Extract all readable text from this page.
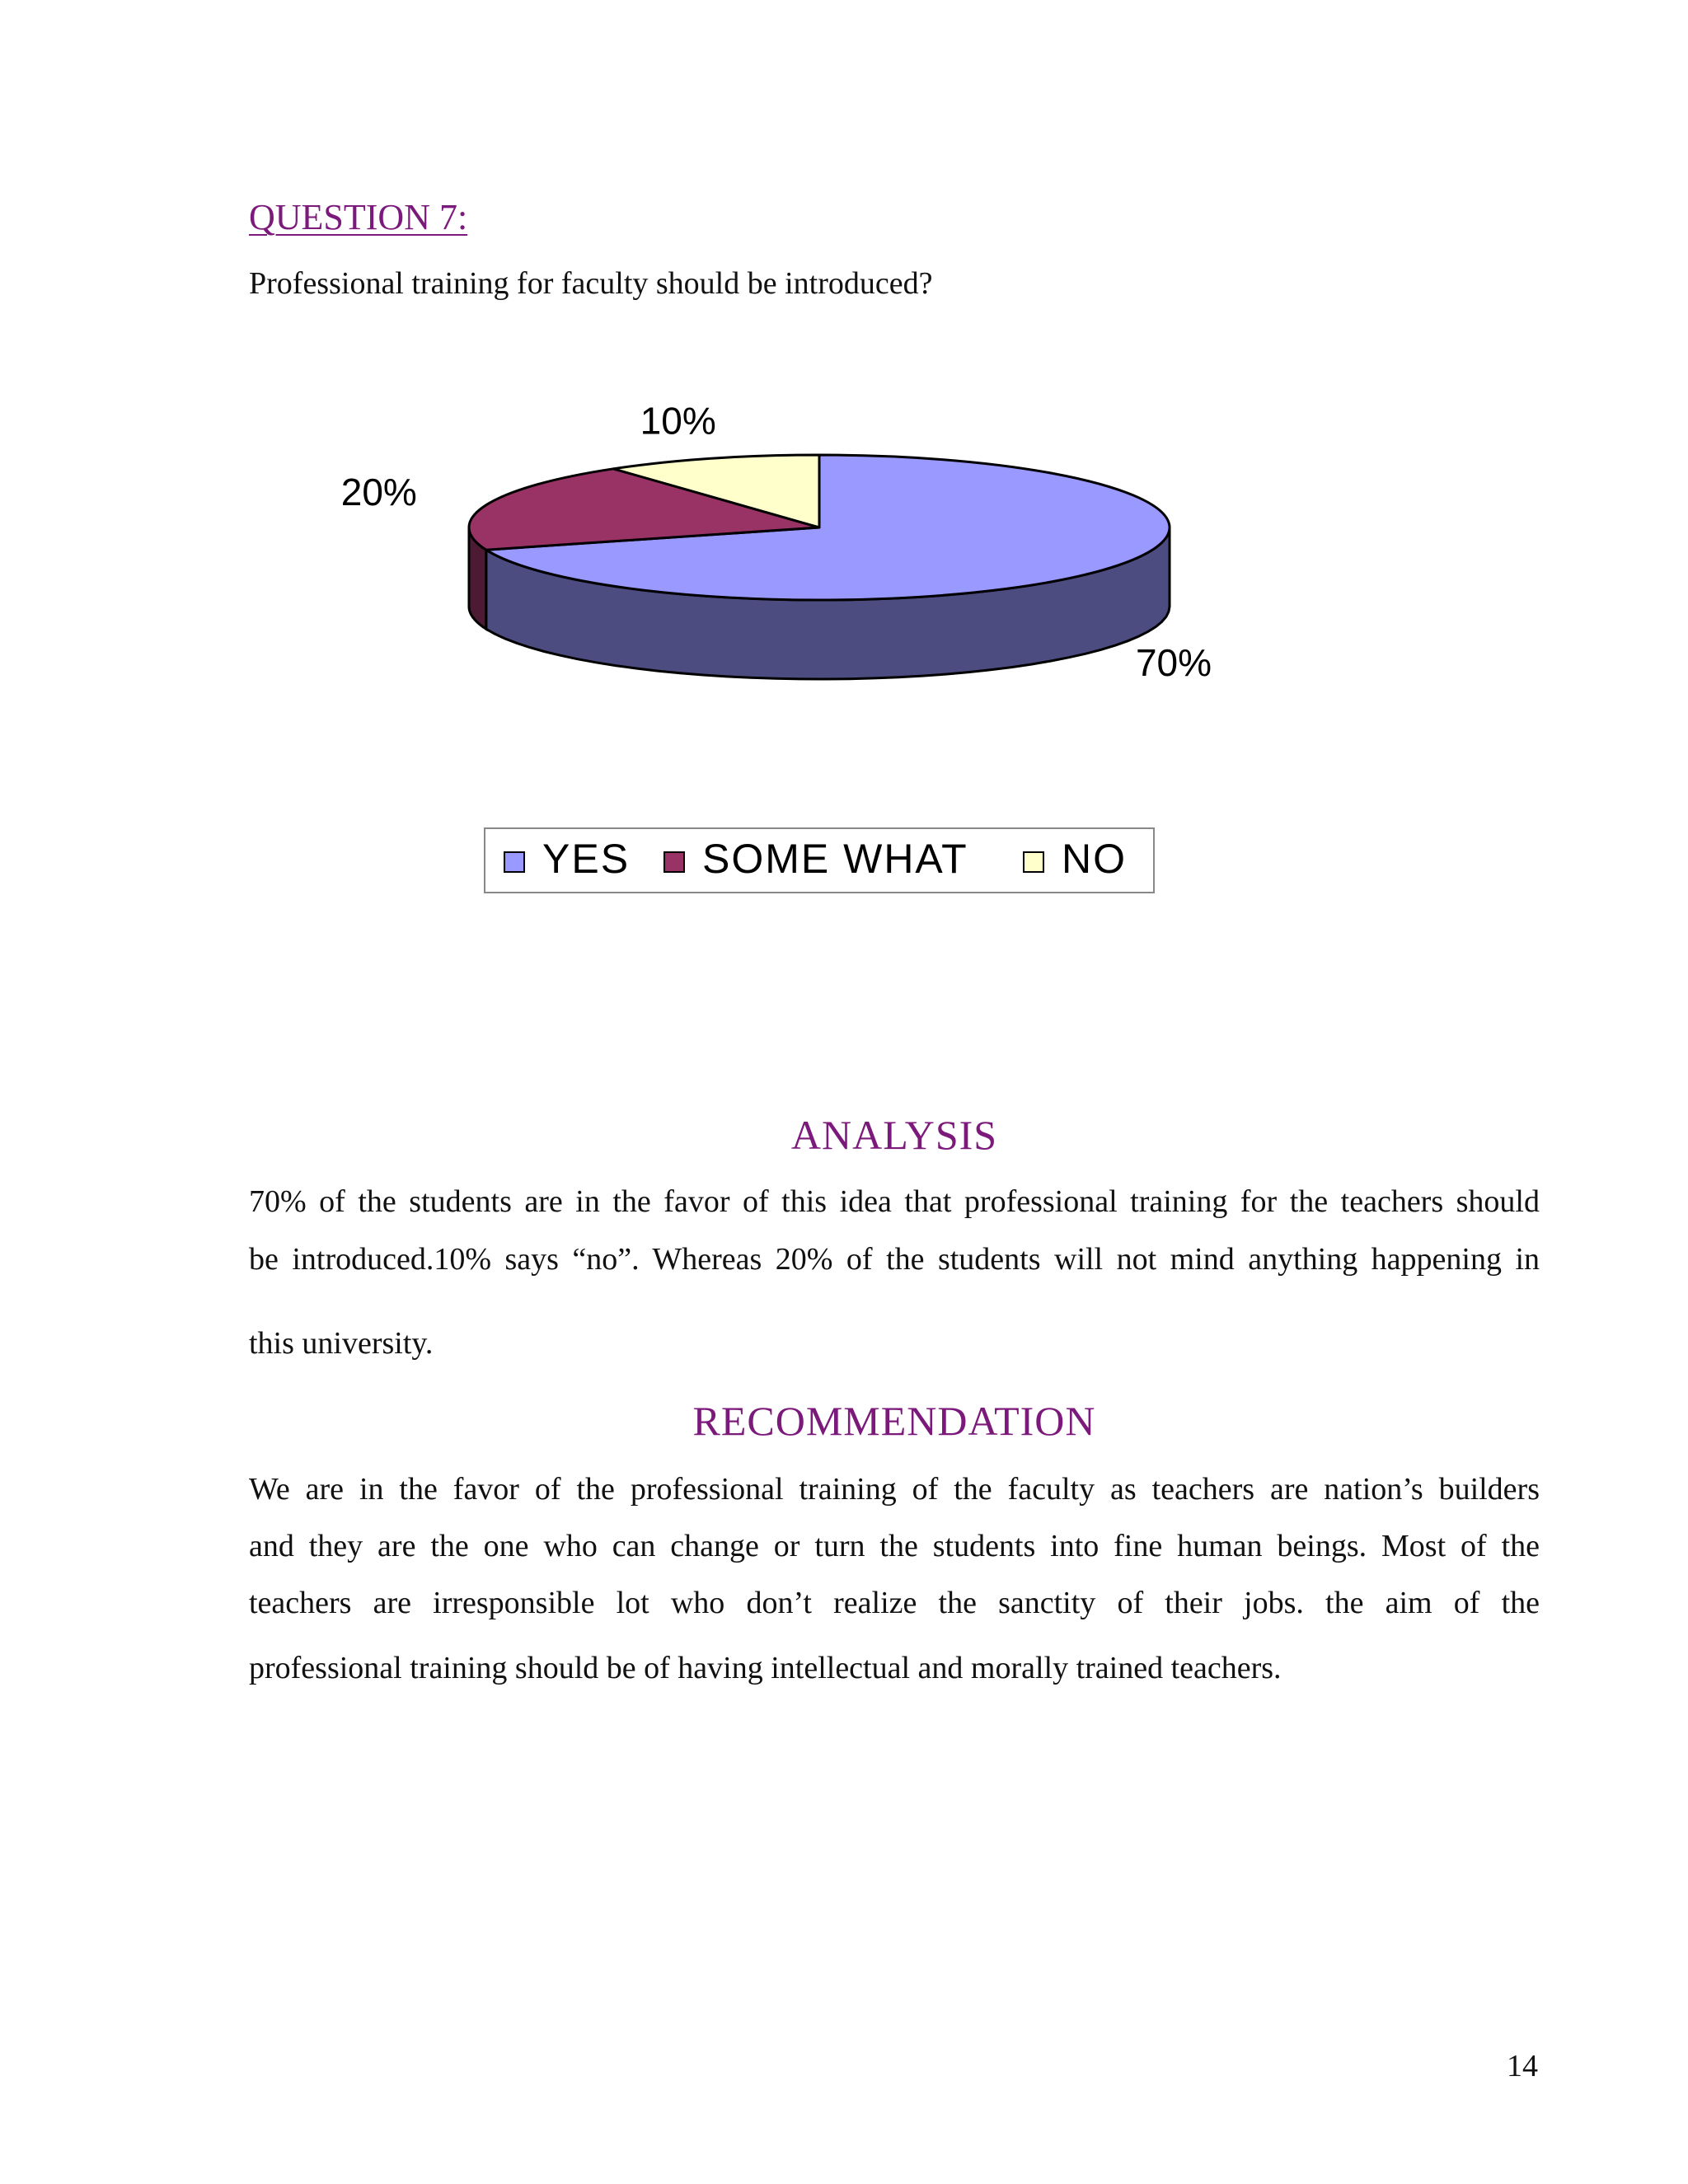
QUESTION 7:
Professional training for faculty should be introduced?
70%
20%
10%
YES SOME WHAT NO
ANALYSIS
70% of the students are in the favor of this idea that professional training for the teachers should
be introduced.10% says “no”. Whereas 20% of the students will not mind anything happening in
this university.
RECOMMENDATION
We are in the favor of the professional training of the faculty as teachers are nation’s builders
and they are the one who can change or turn the students into fine human beings. Most of the
teachers are irresponsible lot who don’t realize the sanctity of their jobs. the aim of the
professional training should be of having intellectual and morally trained teachers.
14
